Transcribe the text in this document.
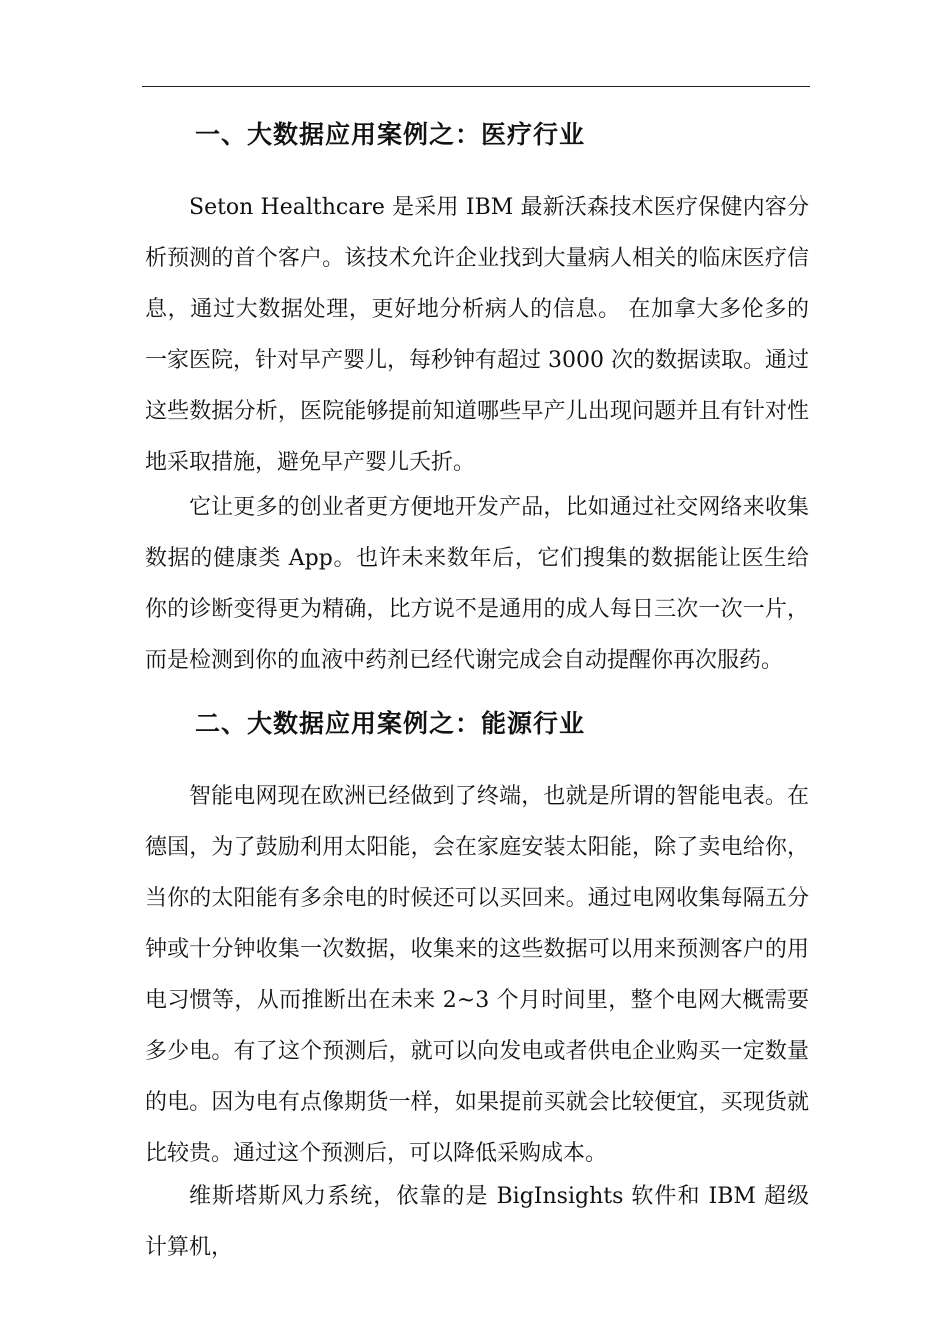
一、大数据应用案例之：医疗行业

Seton Healthcare 是采用 IBM 最新沃森技术医疗保健内容分析预测的首个客户。该技术允许企业找到大量病人相关的临床医疗信息，通过大数据处理，更好地分析病人的信息。 在加拿大多伦多的一家医院，针对早产婴儿，每秒钟有超过 3000 次的数据读取。通过这些数据分析，医院能够提前知道哪些早产儿出现问题并且有针对性地采取措施，避免早产婴儿夭折。

它让更多的创业者更方便地开发产品，比如通过社交网络来收集数据的健康类 App。也许未来数年后，它们搜集的数据能让医生给你的诊断变得更为精确，比方说不是通用的成人每日三次一次一片，而是检测到你的血液中药剂已经代谢完成会自动提醒你再次服药。

二、大数据应用案例之：能源行业

智能电网现在欧洲已经做到了终端，也就是所谓的智能电表。在德国，为了鼓励利用太阳能，会在家庭安装太阳能，除了卖电给你，当你的太阳能有多余电的时候还可以买回来。通过电网收集每隔五分钟或十分钟收集一次数据，收集来的这些数据可以用来预测客户的用电习惯等，从而推断出在未来 2~3 个月时间里，整个电网大概需要多少电。有了这个预测后，就可以向发电或者供电企业购买一定数量的电。因为电有点像期货一样，如果提前买就会比较便宜，买现货就比较贵。通过这个预测后，可以降低采购成本。

维斯塔斯风力系统，依靠的是 BigInsights 软件和 IBM 超级计算机，
